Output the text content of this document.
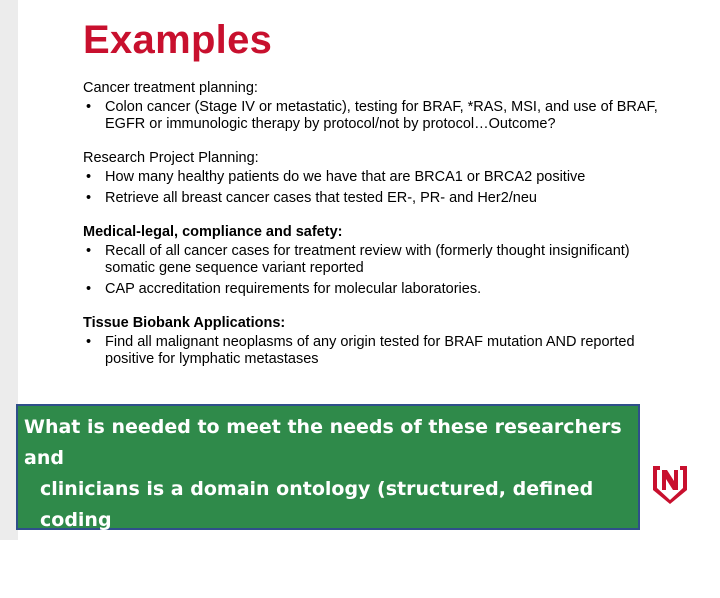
Examples
Cancer treatment planning:
• Colon cancer (Stage IV or metastatic), testing for BRAF, *RAS, MSI, and use of BRAF, EGFR or immunologic therapy by protocol/not by protocol…Outcome?
Research Project Planning:
• How many healthy patients do we have that are BRCA1 or BRCA2 positive
• Retrieve all breast cancer cases that tested ER-, PR- and Her2/neu
Medical-legal, compliance and safety:
• Recall of all cancer cases for treatment review with (formerly thought insignificant) somatic gene sequence variant reported
• CAP accreditation requirements for molecular laboratories.
Tissue Biobank Applications:
• Find all malignant neoplasms of any origin tested for BRAF mutation AND reported positive for lymphatic metastases
What is needed to meet the needs of these researchers and
clinicians is a domain ontology (structured, defined coding
hierarchy) which we can query for detailed results
These data types are called “Observables”
